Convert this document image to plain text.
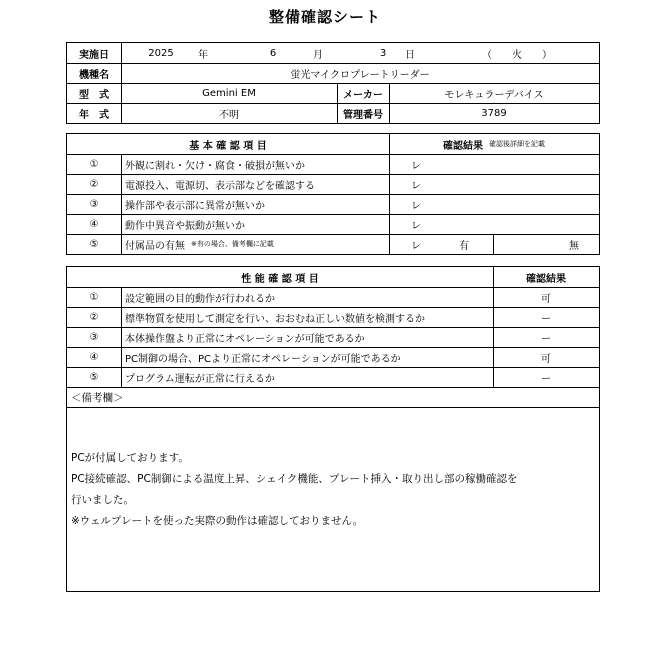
整備確認シート
実施日	2025	年	6	月	3	日	（　　火　　）
機種名	蛍光マイクロプレートリーダー
型　式	Gemini EM	メーカー	モレキュラーデバイス
年　式	不明	管理番号	3789
基 本 確 認 項 目	確認結果 確認後詳細を記載
①	外観に割れ・欠け・腐食・破損が無いか	レ
②	電源投入、電源切、表示部などを確認する	レ
③	操作部や表示部に異常が無いか	レ
④	動作中異音や振動が無いか	レ
⑤	付属品の有無 ※有の場合、備考欄に記載	レ	有	無
性 能 確 認 項 目	確認結果
①	設定範囲の目的動作が行われるか	可
②	標準物質を使用して測定を行い、おおむね正しい数値を検測するか	ー
③	本体操作盤より正常にオペレーションが可能であるか	ー
④	PC制御の場合、PCより正常にオペレーションが可能であるか	可
⑤	プログラム運転が正常に行えるか	ー
＜備考欄＞
PCが付属しております。
PC接続確認、PC制御による温度上昇、シェイク機能、プレート挿入・取り出し部の稼働確認を
行いました。
※ウェルプレートを使った実際の動作は確認しておりません。
